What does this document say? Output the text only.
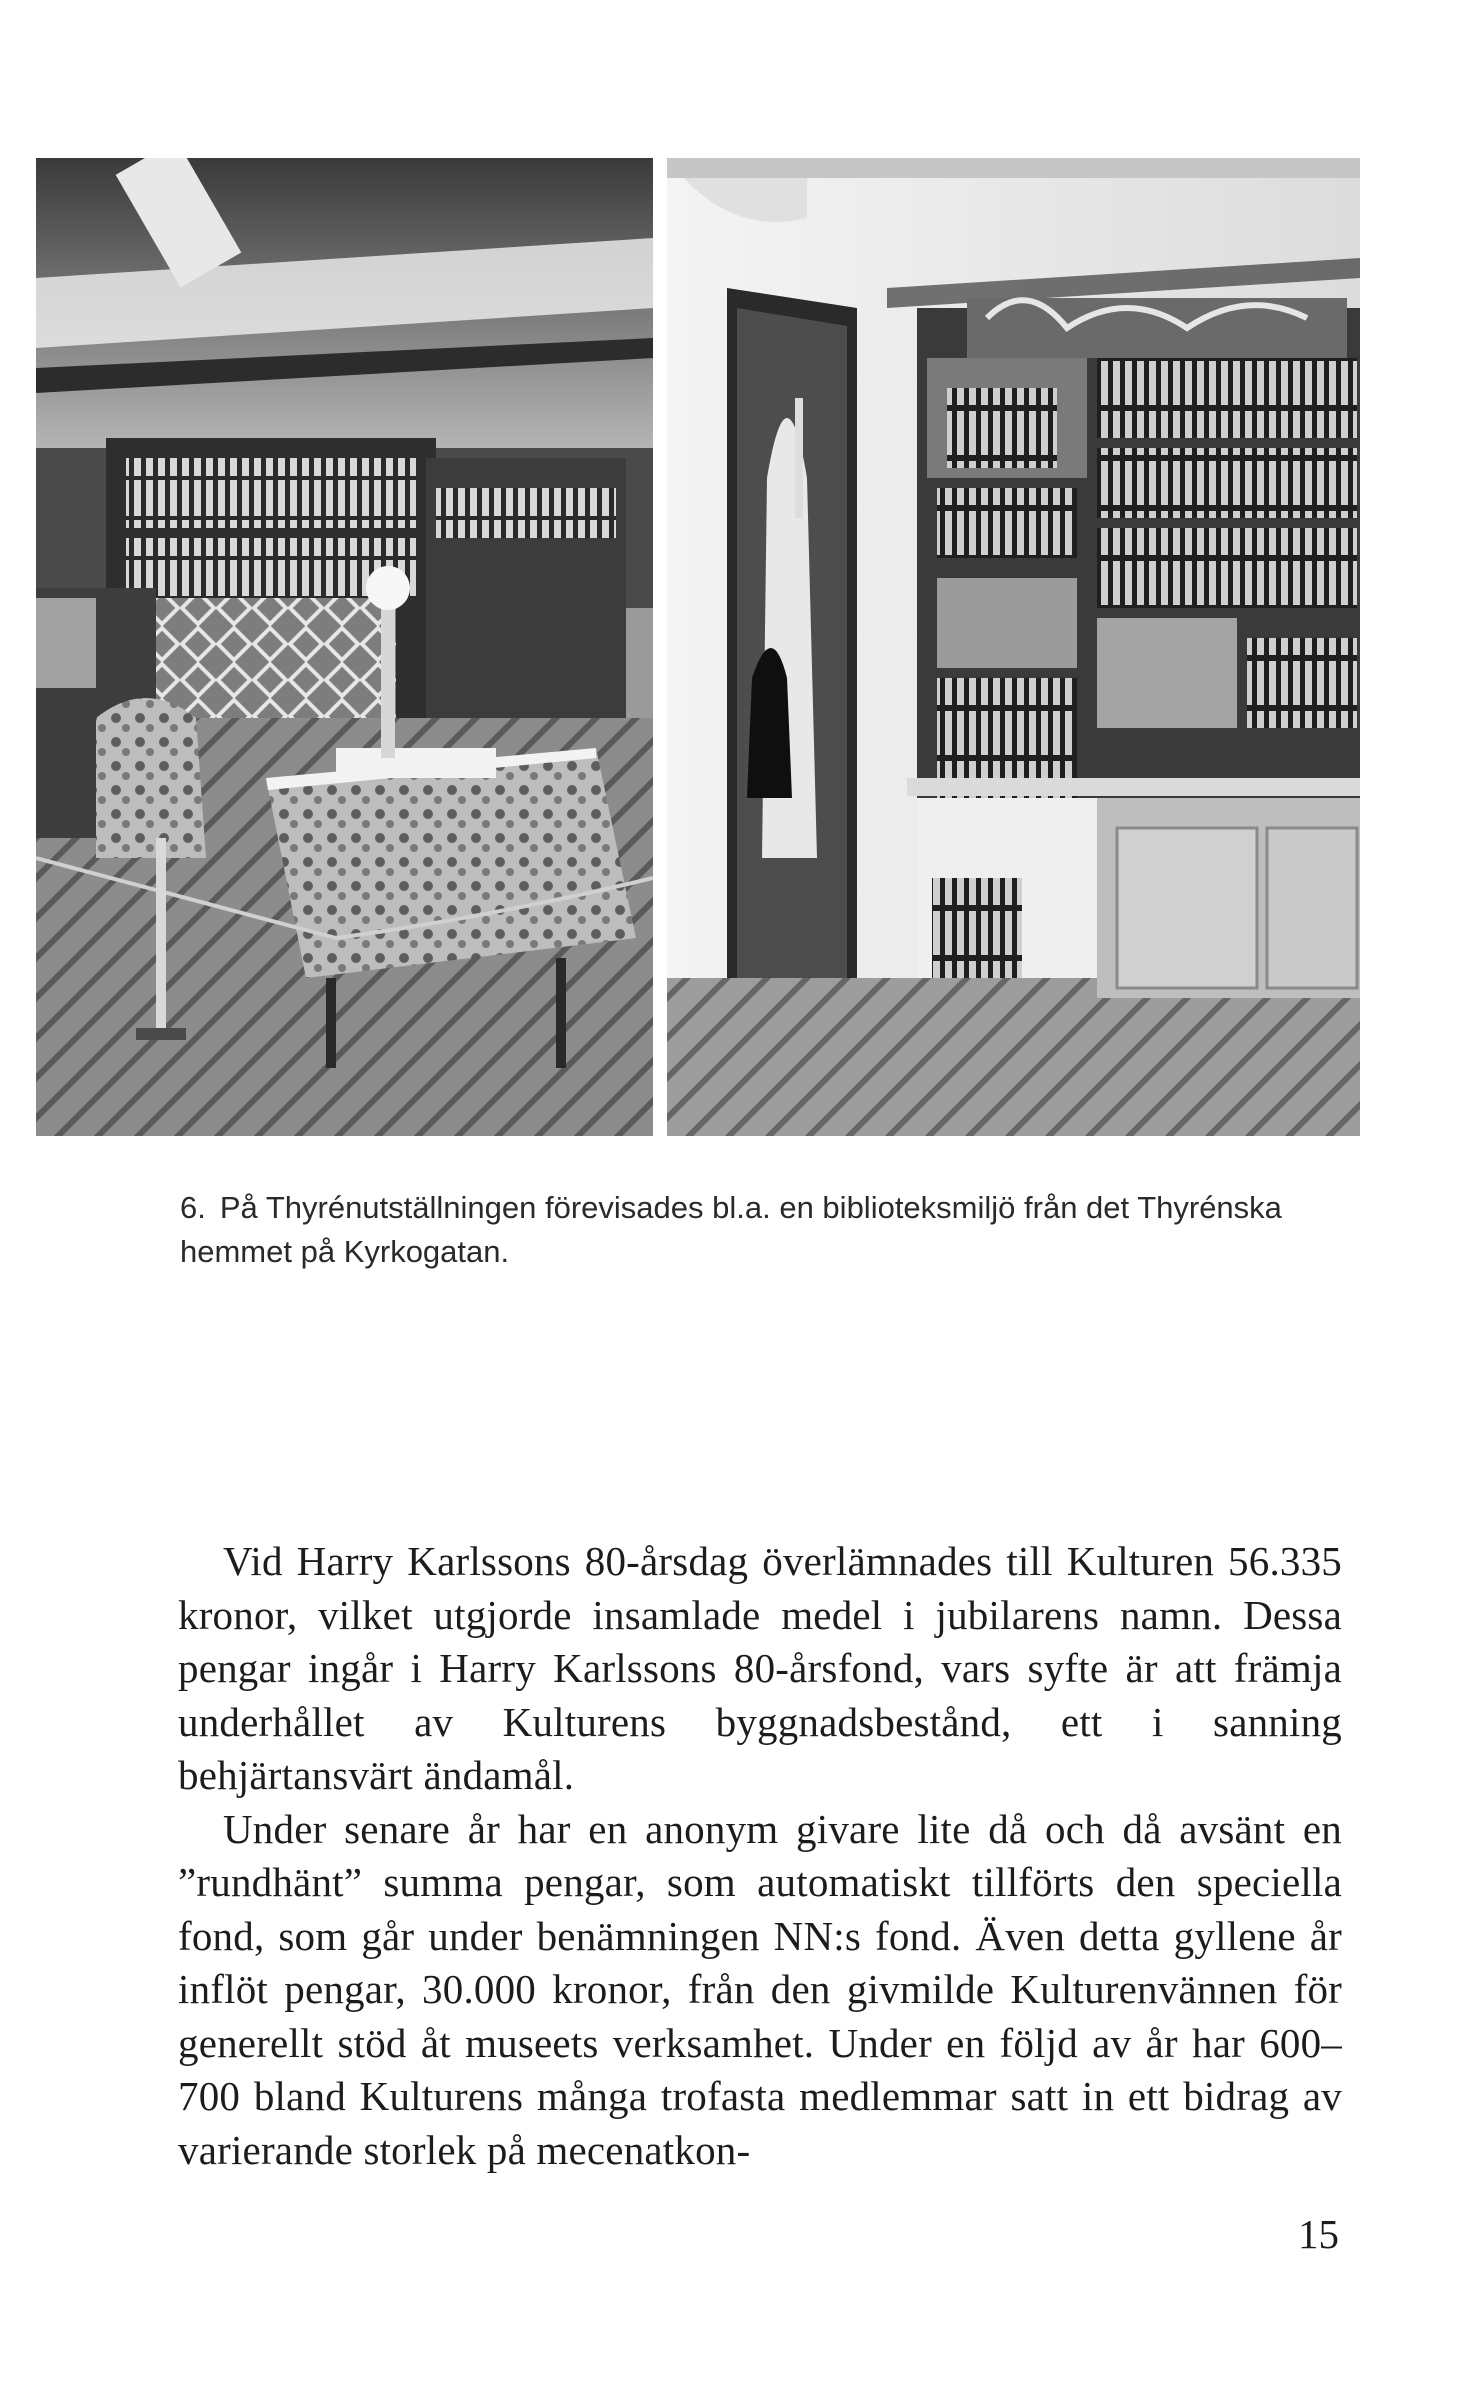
6. På Thyrénutställningen förevisades bl.a. en biblioteksmiljö från det Thyrénska hemmet på Kyrkogatan.

Vid Harry Karlssons 80-årsdag överlämnades till Kulturen 56.335 kronor, vilket utgjorde insamlade medel i jubilarens namn. Dessa pengar ingår i Harry Karlssons 80-årsfond, vars syfte är att främja underhållet av Kulturens byggnadsbestånd, ett i sanning behjärtansvärt ändamål.

Under senare år har en anonym givare lite då och då avsänt en ”rundhänt” summa pengar, som automatiskt tillförts den speciella fond, som går under benämningen NN:s fond. Även detta gyllene år inflöt pengar, 30.000 kronor, från den givmilde Kulturenvännen för generellt stöd åt museets verksamhet. Under en följd av år har 600–700 bland Kulturens många trofasta medlemmar satt in ett bidrag av varierande storlek på mecenatkon-

15
